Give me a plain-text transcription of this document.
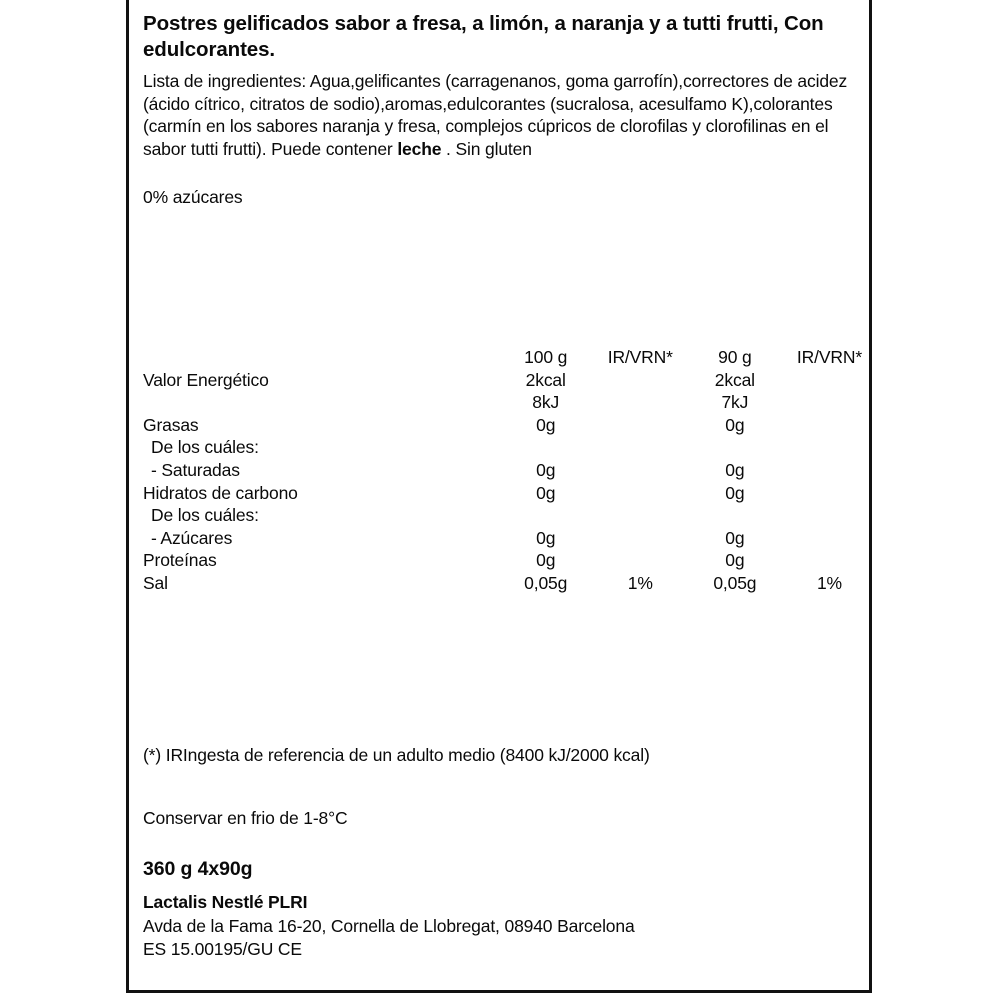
Postres gelificados sabor a fresa, a limón, a naranja y a tutti frutti, Con edulcorantes.

Lista de ingredientes: Agua,gelificantes (carragenanos, goma garrofín),correctores de acidez (ácido cítrico, citratos de sodio),aromas,edulcorantes (sucralosa, acesulfamo K),colorantes (carmín en los sabores naranja y fresa, complejos cúpricos de clorofilas y clorofilinas en el sabor tutti frutti). Puede contener leche . Sin gluten

0% azúcares

	100 g	IR/VRN*	90 g	IR/VRN*
Valor Energético	2kcal		2kcal	
	8kJ		7kJ	
Grasas	0g		0g	
De los cuáles:				
- Saturadas	0g		0g	
Hidratos de carbono	0g		0g	
De los cuáles:				
- Azúcares	0g		0g	
Proteínas	0g		0g	
Sal	0,05g	1%	0,05g	1%

(*) IRIngesta de referencia de un adulto medio (8400 kJ/2000 kcal)

Conservar en frio de 1-8°C

360 g 4x90g

Lactalis Nestlé PLRI
Avda de la Fama 16-20, Cornella de Llobregat, 08940 Barcelona
ES 15.00195/GU CE
